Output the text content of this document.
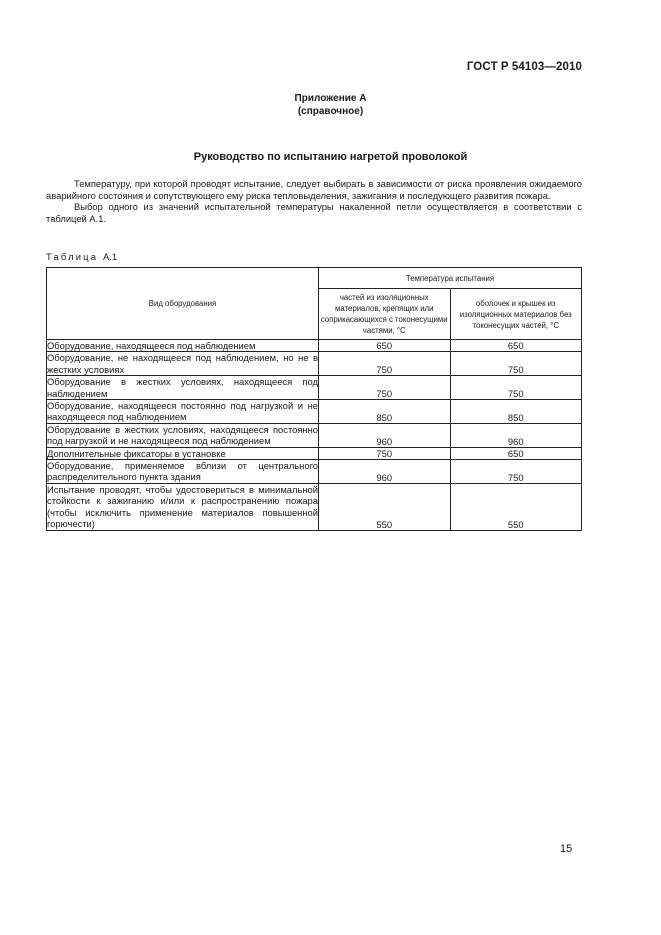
ГОСТ Р 54103—2010
Приложение А
(справочное)
Руководство по испытанию нагретой проволокой

Температуру, при которой проводят испытание, следует выбирать в зависимости от риска проявления ожидаемого аварийного состояния и сопутствующего ему риска тепловыделения, зажигания и последующего развития пожара.

Выбор одного из значений испытательной температуры накаленной петли осуществляется в соответствии с таблицей А.1.

Таблица А.1
Вид оборудования	Температура испытания	
	частей из изоляционных материалов, крепящих или соприкасающихся с токонесущими частями, °С	оболочек и крышек из изоляционных материалов без токонесущих частей, °С
Оборудование, находящееся под наблюдением	650	650
Оборудование, не находящееся под наблюдением, но не в жестких условиях	750	750
Оборудование в жестких условиях, находящееся под наблюдением	750	750
Оборудование, находящееся постоянно под нагрузкой и не находящееся под наблюдением	850	850
Оборудование в жестких условиях, находящееся постоянно под нагрузкой и не находящееся под наблюдением	960	960
Дополнительные фиксаторы в установке	750	650
Оборудование, применяемое вблизи от центрального распределительного пункта здания	960	750
Испытание проводят, чтобы удостовериться в минимальной стойкости к зажиганию и/или к распространению пожара (чтобы исключить применение материалов повышенной горючести)	550	550
15
